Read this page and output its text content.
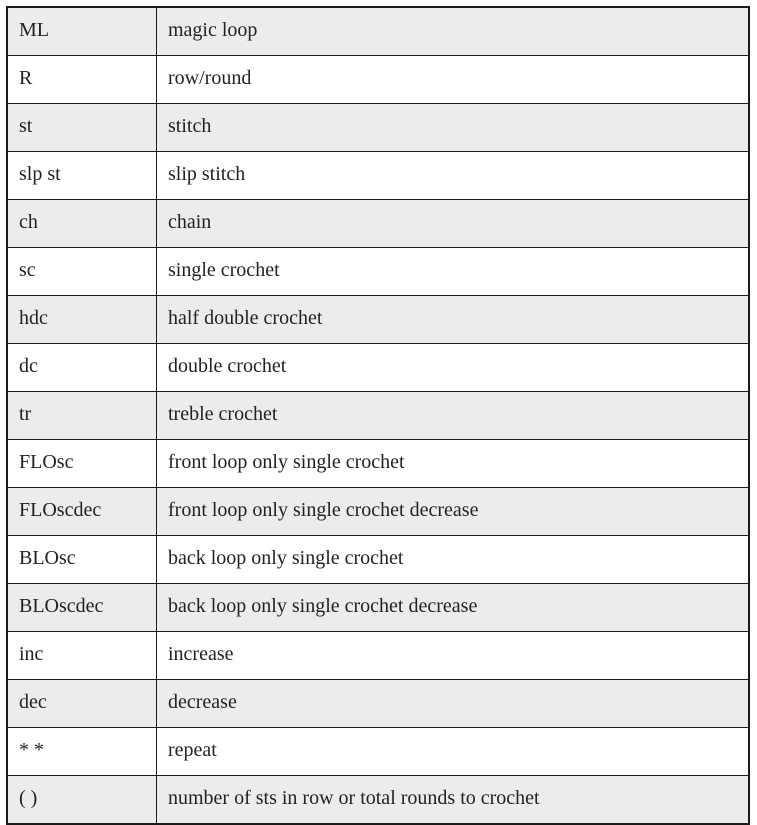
ML	magic loop
R	row/round
st	stitch
slp st	slip stitch
ch	chain
sc	single crochet
hdc	half double crochet
dc	double crochet
tr	treble crochet
FLOsc	front loop only single crochet
FLOscdec	front loop only single crochet decrease
BLOsc	back loop only single crochet
BLOscdec	back loop only single crochet decrease
inc	increase
dec	decrease
* *	repeat
( )	number of sts in row or total rounds to crochet
